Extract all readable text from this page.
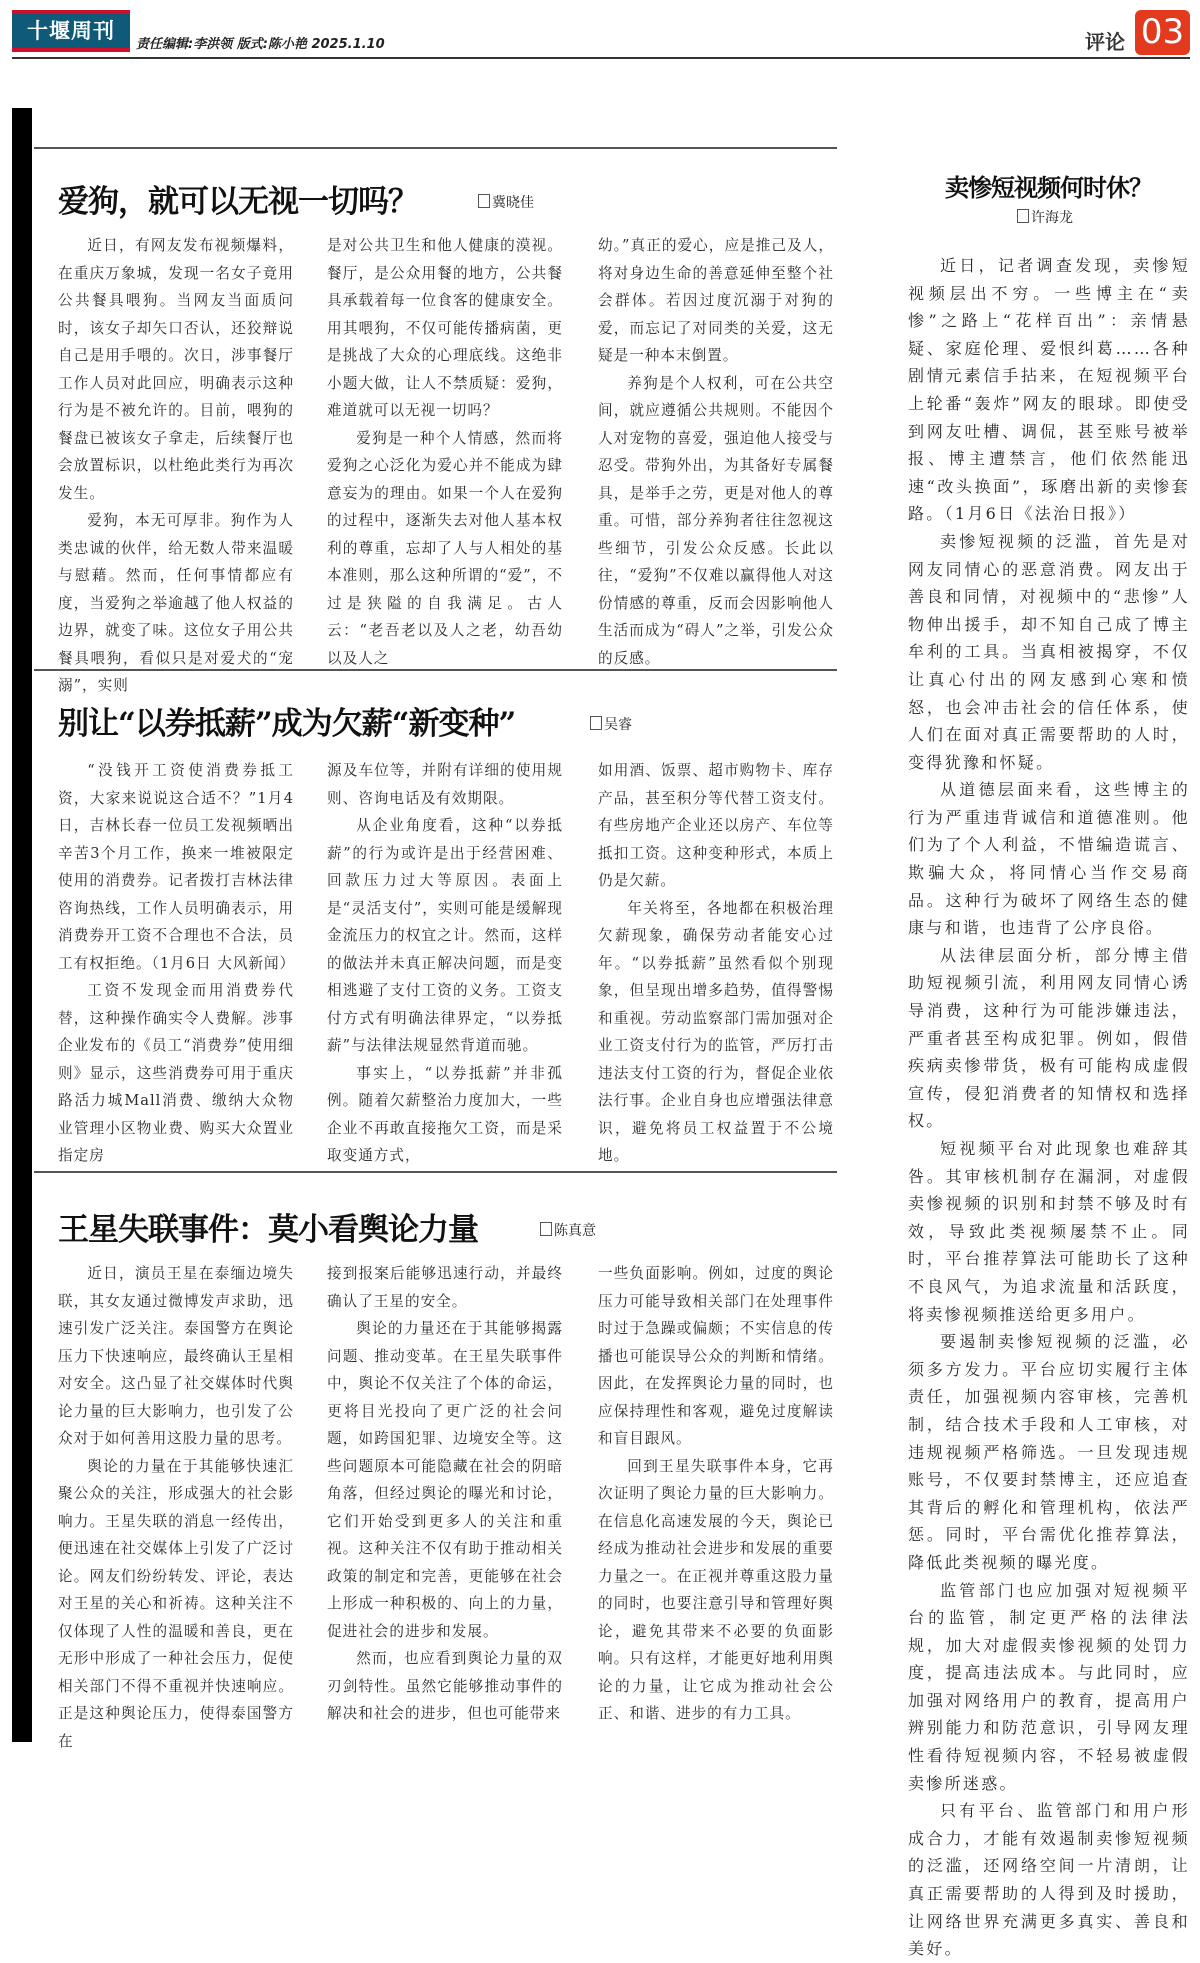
十堰周刊
责任编辑:李洪领 版式:陈小艳 2025.1.10	评论 03
爱狗，就可以无视一切吗？	冀晓佳

近日，有网友发布视频爆料，在重庆万象城，发现一名女子竟用公共餐具喂狗。当网友当面质问时，该女子却矢口否认，还狡辩说自己是用手喂的。次日，涉事餐厅工作人员对此回应，明确表示这种行为是不被允许的。目前，喂狗的餐盘已被该女子拿走，后续餐厅也会放置标识，以杜绝此类行为再次发生。

爱狗，本无可厚非。狗作为人类忠诚的伙伴，给无数人带来温暖与慰藉。然而，任何事情都应有度，当爱狗之举逾越了他人权益的边界，就变了味。这位女子用公共餐具喂狗，看似只是对爱犬的“宠溺”，实则

是对公共卫生和他人健康的漠视。餐厅，是公众用餐的地方，公共餐具承载着每一位食客的健康安全。用其喂狗，不仅可能传播病菌，更是挑战了大众的心理底线。这绝非小题大做，让人不禁质疑：爱狗，难道就可以无视一切吗？

爱狗是一种个人情感，然而将爱狗之心泛化为爱心并不能成为肆意妄为的理由。如果一个人在爱狗的过程中，逐渐失去对他人基本权利的尊重，忘却了人与人相处的基本准则，那么这种所谓的“爱”，不过是狭隘的自我满足。古人云：“老吾老以及人之老，幼吾幼以及人之

幼。”真正的爱心，应是推己及人，将对身边生命的善意延伸至整个社会群体。若因过度沉溺于对狗的爱，而忘记了对同类的关爱，这无疑是一种本末倒置。

养狗是个人权利，可在公共空间，就应遵循公共规则。不能因个人对宠物的喜爱，强迫他人接受与忍受。带狗外出，为其备好专属餐具，是举手之劳，更是对他人的尊重。可惜，部分养狗者往往忽视这些细节，引发公众反感。长此以往，“爱狗”不仅难以赢得他人对这份情感的尊重，反而会因影响他人生活而成为“碍人”之举，引发公众的反感。

别让“以券抵薪”成为欠薪“新变种”	吴睿

“没钱开工资使消费券抵工资，大家来说说这合适不？”1月4日，吉林长春一位员工发视频晒出辛苦3个月工作，换来一堆被限定使用的消费券。记者拨打吉林法律咨询热线，工作人员明确表示，用消费券开工资不合理也不合法，员工有权拒绝。（1月6日 大风新闻）

工资不发现金而用消费券代替，这种操作确实令人费解。涉事企业发布的《员工“消费券”使用细则》显示，这些消费券可用于重庆路活力城Mall消费、缴纳大众物业管理小区物业费、购买大众置业指定房

源及车位等，并附有详细的使用规则、咨询电话及有效期限。

从企业角度看，这种“以券抵薪”的行为或许是出于经营困难、回款压力过大等原因。表面上是“灵活支付”，实则可能是缓解现金流压力的权宜之计。然而，这样的做法并未真正解决问题，而是变相逃避了支付工资的义务。工资支付方式有明确法律界定，“以券抵薪”与法律法规显然背道而驰。

事实上，“以券抵薪”并非孤例。随着欠薪整治力度加大，一些企业不再敢直接拖欠工资，而是采取变通方式，

如用酒、饭票、超市购物卡、库存产品，甚至积分等代替工资支付。有些房地产企业还以房产、车位等抵扣工资。这种变种形式，本质上仍是欠薪。

年关将至，各地都在积极治理欠薪现象，确保劳动者能安心过年。“以券抵薪”虽然看似个别现象，但呈现出增多趋势，值得警惕和重视。劳动监察部门需加强对企业工资支付行为的监管，严厉打击违法支付工资的行为，督促企业依法行事。企业自身也应增强法律意识，避免将员工权益置于不公境地。

王星失联事件：莫小看舆论力量	陈真意

近日，演员王星在泰缅边境失联，其女友通过微博发声求助，迅速引发广泛关注。泰国警方在舆论压力下快速响应，最终确认王星相对安全。这凸显了社交媒体时代舆论力量的巨大影响力，也引发了公众对于如何善用这股力量的思考。

舆论的力量在于其能够快速汇聚公众的关注，形成强大的社会影响力。王星失联的消息一经传出，便迅速在社交媒体上引发了广泛讨论。网友们纷纷转发、评论，表达对王星的关心和祈祷。这种关注不仅体现了人性的温暖和善良，更在无形中形成了一种社会压力，促使相关部门不得不重视并快速响应。正是这种舆论压力，使得泰国警方在

接到报案后能够迅速行动，并最终确认了王星的安全。

舆论的力量还在于其能够揭露问题、推动变革。在王星失联事件中，舆论不仅关注了个体的命运，更将目光投向了更广泛的社会问题，如跨国犯罪、边境安全等。这些问题原本可能隐藏在社会的阴暗角落，但经过舆论的曝光和讨论，它们开始受到更多人的关注和重视。这种关注不仅有助于推动相关政策的制定和完善，更能够在社会上形成一种积极的、向上的力量，促进社会的进步和发展。

然而，也应看到舆论力量的双刃剑特性。虽然它能够推动事件的解决和社会的进步，但也可能带来

一些负面影响。例如，过度的舆论压力可能导致相关部门在处理事件时过于急躁或偏颇；不实信息的传播也可能误导公众的判断和情绪。因此，在发挥舆论力量的同时，也应保持理性和客观，避免过度解读和盲目跟风。

回到王星失联事件本身，它再次证明了舆论力量的巨大影响力。在信息化高速发展的今天，舆论已经成为推动社会进步和发展的重要力量之一。在正视并尊重这股力量的同时，也要注意引导和管理好舆论，避免其带来不必要的负面影响。只有这样，才能更好地利用舆论的力量，让它成为推动社会公正、和谐、进步的有力工具。

卖惨短视频何时休？
许海龙

近日，记者调查发现，卖惨短视频层出不穷。一些博主在“卖惨”之路上“花样百出”：亲情悬疑、家庭伦理、爱恨纠葛……各种剧情元素信手拈来，在短视频平台上轮番“轰炸”网友的眼球。即使受到网友吐槽、调侃，甚至账号被举报、博主遭禁言，他们依然能迅速“改头换面”，琢磨出新的卖惨套路。（1月6日《法治日报》）

卖惨短视频的泛滥，首先是对网友同情心的恶意消费。网友出于善良和同情，对视频中的“悲惨”人物伸出援手，却不知自己成了博主牟利的工具。当真相被揭穿，不仅让真心付出的网友感到心寒和愤怒，也会冲击社会的信任体系，使人们在面对真正需要帮助的人时，变得犹豫和怀疑。

从道德层面来看，这些博主的行为严重违背诚信和道德准则。他们为了个人利益，不惜编造谎言、欺骗大众，将同情心当作交易商品。这种行为破坏了网络生态的健康与和谐，也违背了公序良俗。

从法律层面分析，部分博主借助短视频引流，利用网友同情心诱导消费，这种行为可能涉嫌违法，严重者甚至构成犯罪。例如，假借疾病卖惨带货，极有可能构成虚假宣传，侵犯消费者的知情权和选择权。

短视频平台对此现象也难辞其咎。其审核机制存在漏洞，对虚假卖惨视频的识别和封禁不够及时有效，导致此类视频屡禁不止。同时，平台推荐算法可能助长了这种不良风气，为追求流量和活跃度，将卖惨视频推送给更多用户。

要遏制卖惨短视频的泛滥，必须多方发力。平台应切实履行主体责任，加强视频内容审核，完善机制，结合技术手段和人工审核，对违规视频严格筛选。一旦发现违规账号，不仅要封禁博主，还应追查其背后的孵化和管理机构，依法严惩。同时，平台需优化推荐算法，降低此类视频的曝光度。

监管部门也应加强对短视频平台的监管，制定更严格的法律法规，加大对虚假卖惨视频的处罚力度，提高违法成本。与此同时，应加强对网络用户的教育，提高用户辨别能力和防范意识，引导网友理性看待短视频内容，不轻易被虚假卖惨所迷惑。

只有平台、监管部门和用户形成合力，才能有效遏制卖惨短视频的泛滥，还网络空间一片清朗，让真正需要帮助的人得到及时援助，让网络世界充满更多真实、善良和美好。
